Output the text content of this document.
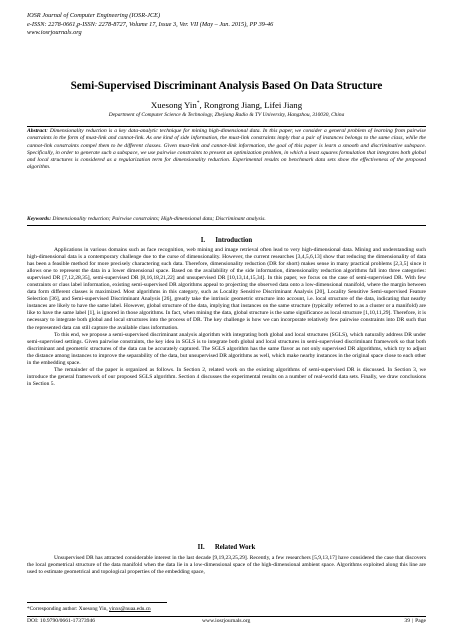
IOSR Journal of Computer Engineering (IOSR-JCE)
e-ISSN: 2278-0661,p-ISSN: 2278-8727, Volume 17, Issue 3, Ver. VII (May – Jun. 2015), PP 39-46
www.iosrjournals.org
Semi-Supervised Discriminant Analysis Based On Data Structure
Xuesong Yin*, Rongrong Jiang, Lifei Jiang
Department of Computer Science & Technology, Zhejiang Radio & TV University, Hangzhou, 310030, China
Abstract: Dimensionality reduction is a key data-analytic technique for mining high-dimensional data. In this paper, we consider a general problem of learning from pairwise constraints in the form of must-link and cannot-link. As one kind of side information, the must-link constraints imply that a pair of instances belongs to the same class, while the cannot-link constraints compel them to be different classes. Given must-link and cannot-link information, the goal of this paper is learn a smooth and discriminative subspace. Specifically, in order to generate such a subspace, we use pairwise constraints to present an optimization problem, in which a least squares formulation that integrates both global and local structures is considered as a regularization term for dimensionality reduction. Experimental results on benchmark data sets show the effectiveness of the proposed algorithm.
Keywords: Dimensionality reduction; Pairwise constraints; High-dimensional data; Discriminant analysis.
I.      Introduction

Applications in various domains such as face recognition, web mining and image retrieval often lead to very high-dimensional data. Mining and understanding such high-dimensional data is a contemporary challenge due to the curse of dimensionality. However, the current researches [3,4,5,6,13] show that reducing the dimensionality of data has been a feasible method for more precisely charactering such data. Therefore, dimensionality reduction (DR for short) makes sense in many practical problems [2,3,5] since it allows one to represent the data in a lower dimensional space. Based on the availability of the side information, dimensionality reduction algorithms fall into three categories: supervised DR [7,12,28,35], semi-supervised DR [8,16,18,21,22] and unsupervised DR [10,13,14,15,34]. In this paper, we focus on the case of semi-supervised DR. With few constraints or class label information, existing semi-supervised DR algorithms appeal to projecting the observed data onto a low-dimensional manifold, where the margin between data form different classes is maximized. Most algorithms in this category, such as Locality Sensitive Discriminant Analysis [20], Locality Sensitive Semi-supervised Feature Selection [36], and Semi-supervised Discriminant Analysis [26], greatly take the intrinsic geometric structure into account, i.e. local structure of the data, indicating that nearby instances are likely to have the same label. However, global structure of the data, implying that instances on the same structure (typically referred to as a cluster or a manifold) are like to have the same label [1], is ignored in those algorithms. In fact, when mining the data, global structure is the same significance as local structure [1,10,11,29]. Therefore, it is necessary to integrate both global and local structures into the process of DR. The key challenge is how we can incorporate relatively few pairwise constraints into DR such that the represented data can still capture the available class information.

To this end, we propose a semi-supervised discriminant analysis algorithm with integrating both global and local structures (SGLS), which naturally address DR under semi-supervised settings. Given pairwise constraints, the key idea in SGLS is to integrate both global and local structures in semi-supervised discriminant framework so that both discriminant and geometric structures of the data can be accurately captured. The SGLS algorithm has the same flavor as not only supervised DR algorithms, which try to adjust the distance among instances to improve the separability of the data, but unsupervised DR algorithms as well, which make nearby instances in the original space close to each other in the embedding space.

The remainder of the paper is organized as follows. In Section 2, related work on the existing algorithms of semi-supervised DR is discussed. In Section 3, we introduce the general framework of our proposed SGLS algorithm. Section 4 discusses the experimental results on a number of real-world data sets. Finally, we draw conclusions in Section 5.

II.      Related Work

Unsupervised DR has attracted considerable interest in the last decade [9,19,23,25,29]. Recently, a few researchers [5,9,13,17] have considered the case that discovers the local geometrical structure of the data manifold when the data lie in a low-dimensional space of the high-dimensional ambient space. Algorithms exploited along this line are used to estimate geometrical and topological properties of the embedding space,

*Corresponding author: Xuesong Yin, yinxs@nuaa.edu.cn
DOI: 10.9790/0661-17373946	www.iosrjournals.org	39 | Page
